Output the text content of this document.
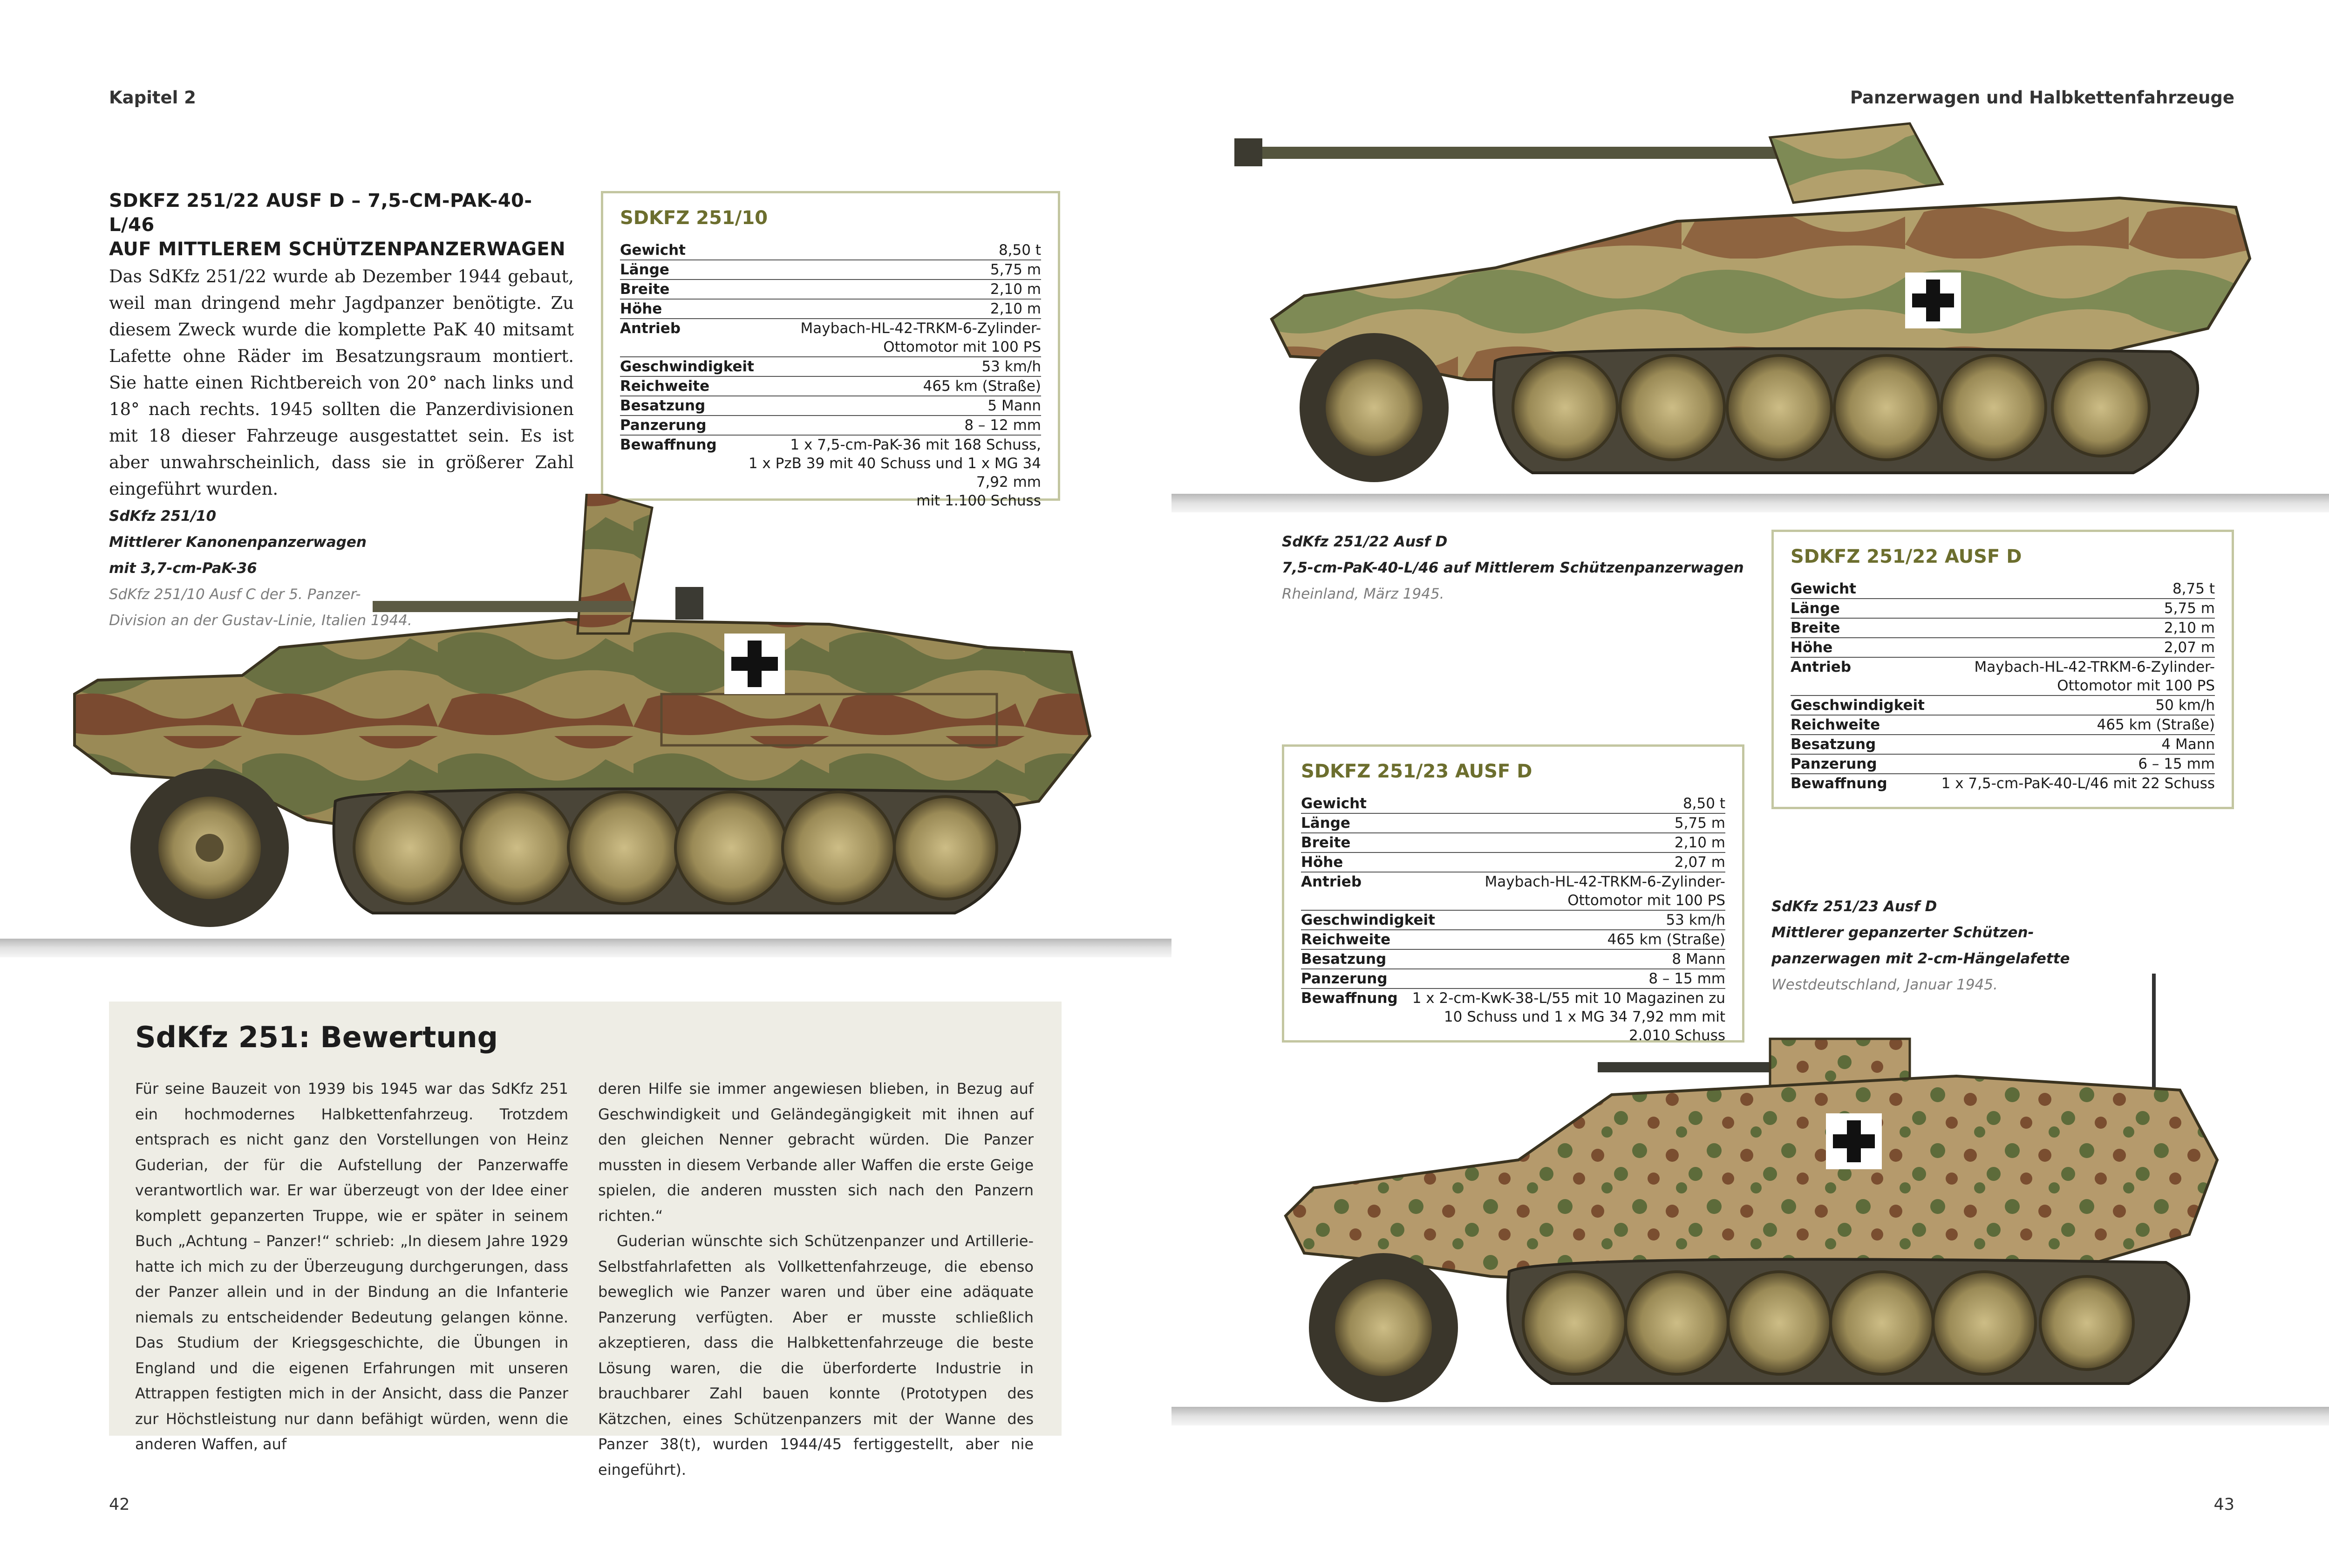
Kapitel 2	Panzerwagen und Halbkettenfahrzeuge
SDKFZ 251/22 AUSF D – 7,5-CM-PAK-40-L/46
AUF MITTLEREM SCHÜTZENPANZERWAGEN

Das SdKfz 251/22 wurde ab Dezember 1944 gebaut, weil man dringend mehr Jagdpanzer benötigte. Zu diesem Zweck wurde die komplette PaK 40 mitsamt Lafette ohne Räder im Besatzungsraum montiert. Sie hatte einen Richtbereich von 20° nach links und 18° nach rechts. 1945 sollten die Panzerdivisionen mit 18 dieser Fahrzeuge ausgestattet sein. Es ist aber unwahrscheinlich, dass sie in größerer Zahl eingeführt wurden.

SDKFZ 251/10
Gewicht	8,50 t
Länge	5,75 m
Breite	2,10 m
Höhe	2,10 m
Antrieb	Maybach-HL-42-TRKM-6-Zylinder-
Ottomotor mit 100 PS
Geschwindigkeit	53 km/h
Reichweite	465 km (Straße)
Besatzung	5 Mann
Panzerung	8 – 12 mm
Bewaffnung	1 x 7,5-cm-PaK-36 mit 168 Schuss,
1 x PzB 39 mit 40 Schuss und 1 x MG 34 7,92 mm
mit 1.100 Schuss
SdKfz 251/10
Mittlerer Kanonenpanzerwagen
mit 3,7-cm-PaK-36
SdKfz 251/10 Ausf C der 5. Panzer-
Division an der Gustav-Linie, Italien 1944.
SdKfz 251/22 Ausf D
7,5-cm-PaK-40-L/46 auf Mittlerem Schützenpanzerwagen
Rheinland, März 1945.
SDKFZ 251/22 AUSF D
Gewicht	8,75 t
Länge	5,75 m
Breite	2,10 m
Höhe	2,07 m
Antrieb	Maybach-HL-42-TRKM-6-Zylinder-
Ottomotor mit 100 PS
Geschwindigkeit	50 km/h
Reichweite	465 km (Straße)
Besatzung	4 Mann
Panzerung	6 – 15 mm
Bewaffnung	1 x 7,5-cm-PaK-40-L/46 mit 22 Schuss
SDKFZ 251/23 AUSF D
Gewicht	8,50 t
Länge	5,75 m
Breite	2,10 m
Höhe	2,07 m
Antrieb	Maybach-HL-42-TRKM-6-Zylinder-
Ottomotor mit 100 PS
Geschwindigkeit	53 km/h
Reichweite	465 km (Straße)
Besatzung	8 Mann
Panzerung	8 – 15 mm
Bewaffnung 1 x 2-cm-KwK-38-L/55 mit 10 Magazinen zu
10 Schuss und 1 x MG 34 7,92 mm mit 2.010 Schuss
SdKfz 251/23 Ausf D
Mittlerer gepanzerter Schützen-
panzerwagen mit 2-cm-Hängelafette
Westdeutschland, Januar 1945.
SdKfz 251: Bewertung

Für seine Bauzeit von 1939 bis 1945 war das SdKfz 251 ein hochmodernes Halbkettenfahrzeug. Trotzdem entsprach es nicht ganz den Vorstellungen von Heinz Guderian, der für die Aufstellung der Panzerwaffe verantwortlich war. Er war überzeugt von der Idee einer komplett gepanzerten Truppe, wie er später in seinem Buch „Achtung – Panzer!“ schrieb: „In diesem Jahre 1929 hatte ich mich zu der Überzeugung durchgerungen, dass der Panzer allein und in der Bindung an die Infanterie niemals zu entscheidender Bedeutung gelangen könne. Das Studium der Kriegsgeschichte, die Übungen in England und die eigenen Erfahrungen mit unseren Attrappen festigten mich in der Ansicht, dass die Panzer zur Höchstleistung nur dann befähigt würden, wenn die anderen Waffen, auf

deren Hilfe sie immer angewiesen blieben, in Bezug auf Geschwindigkeit und Geländegängigkeit mit ihnen auf den gleichen Nenner gebracht würden. Die Panzer mussten in diesem Verbande aller Waffen die erste Geige spielen, die anderen mussten sich nach den Panzern richten.“

Guderian wünschte sich Schützenpanzer und Artillerie-Selbstfahrlafetten als Vollkettenfahrzeuge, die ebenso beweglich wie Panzer waren und über eine adäquate Panzerung verfügten. Aber er musste schließlich akzeptieren, dass die Halbkettenfahrzeuge die beste Lösung waren, die die überforderte Industrie in brauchbarer Zahl bauen konnte (Prototypen des Kätzchen, eines Schützenpanzers mit der Wanne des Panzer 38(t), wurden 1944/45 fertiggestellt, aber nie eingeführt).

42	43
